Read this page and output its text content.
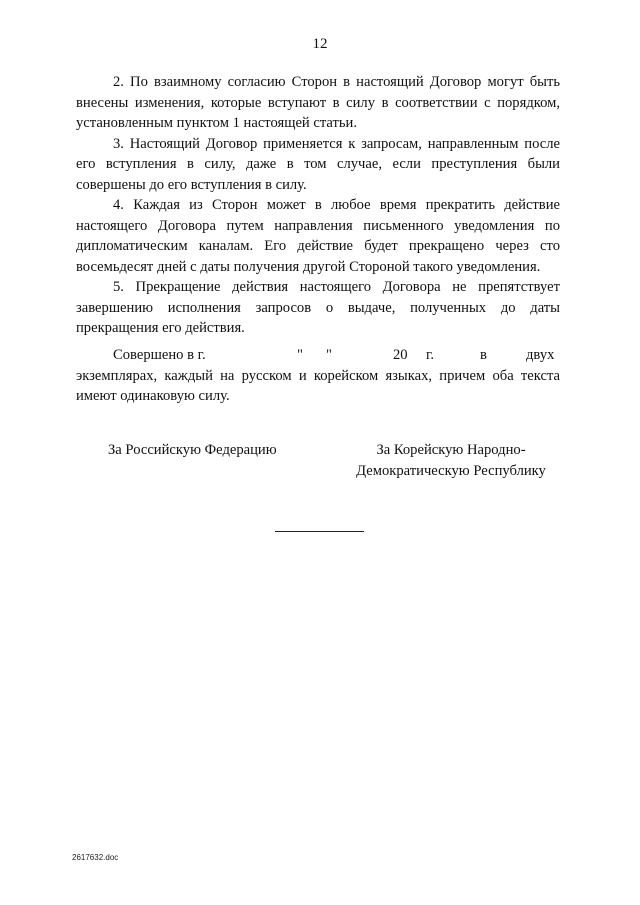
12

2. По взаимному согласию Сторон в настоящий Договор могут быть внесены изменения, которые вступают в силу в соответствии с порядком, установленным пунктом 1 настоящей статьи.

3. Настоящий Договор применяется к запросам, направленным после его вступления в силу, даже в том случае, если преступления были совершены до его вступления в силу.

4. Каждая из Сторон может в любое время прекратить действие настоящего Договора путем направления письменного уведомления по дипломатическим каналам. Его действие будет прекращено через сто восемьдесят дней с даты получения другой Стороной такого уведомления.

5. Прекращение действия настоящего Договора не препятствует завершению исполнения запросов о выдаче, полученных до даты прекращения его действия.

Совершено в г.	" "	20 г.	в	двух
экземплярах, каждый на русском и корейском языках, причем оба текста имеют одинаковую силу.
За Российскую Федерацию	За Корейскую Народно-
Демократическую Республику
2617632.doc
